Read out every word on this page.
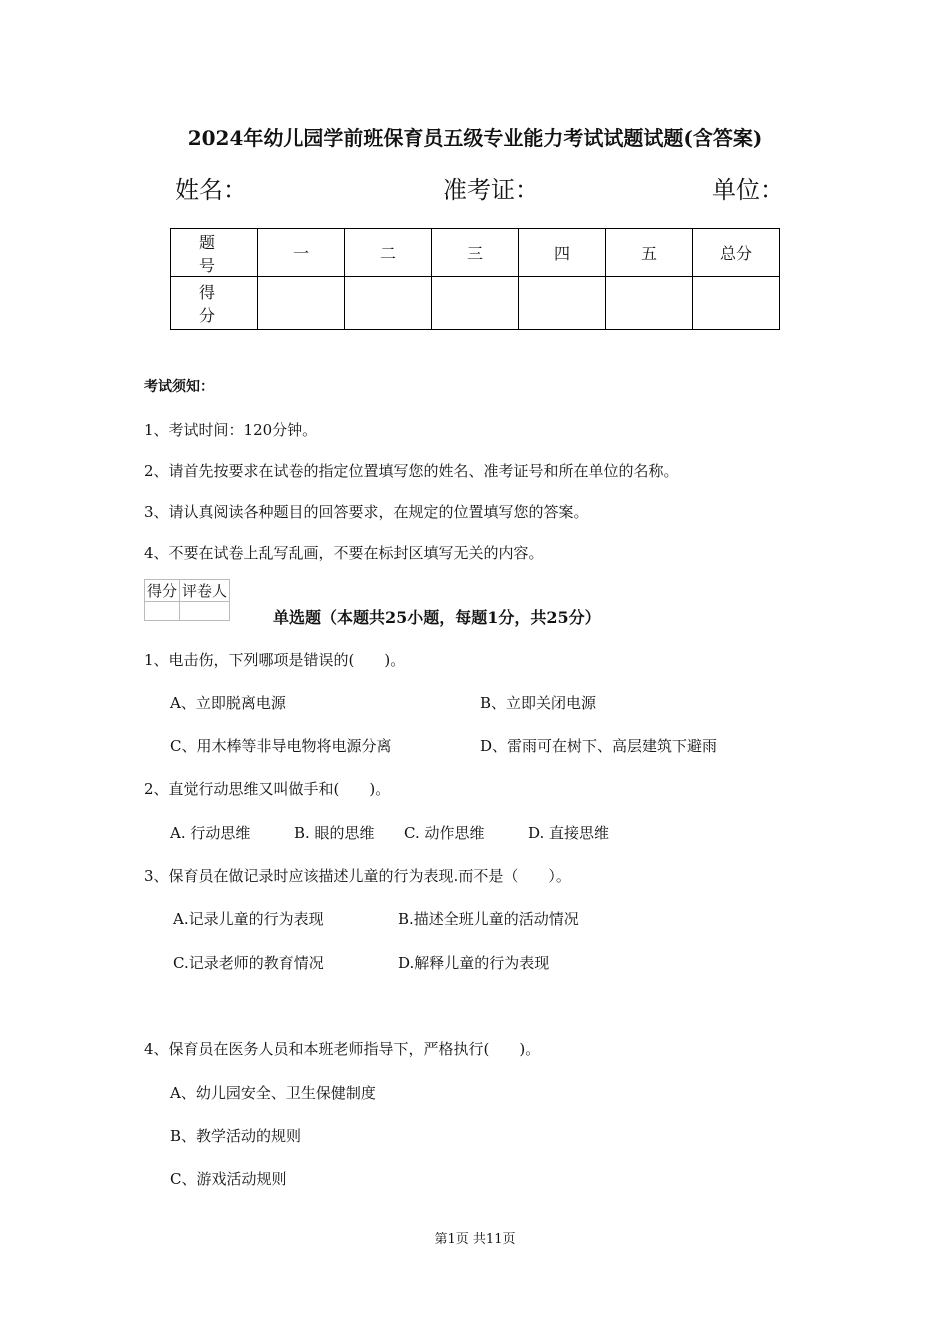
2024年幼儿园学前班保育员五级专业能力考试试题试题(含答案)
姓名：	准考证：	单位：
题　号	一	二	三	四	五	总分
得　分						
考试须知：
1、考试时间：120分钟。
2、请首先按要求在试卷的指定位置填写您的姓名、准考证号和所在单位的名称。
3、请认真阅读各种题目的回答要求，在规定的位置填写您的答案。
4、不要在试卷上乱写乱画，不要在标封区填写无关的内容。
得分	评卷人

单选题（本题共25小题，每题1分，共25分）
1、电击伤，下列哪项是错误的(　　)。
A、立即脱离电源	B、立即关闭电源
C、用木棒等非导电物将电源分离	D、雷雨可在树下、高层建筑下避雨
2、直觉行动思维又叫做手和(　　)。
A. 行动思维	B. 眼的思维 C. 动作思维	D. 直接思维
3、保育员在做记录时应该描述儿童的行为表现.而不是（　　）。
A.记录儿童的行为表现	B.描述全班儿童的活动情况
C.记录老师的教育情况	D.解释儿童的行为表现
4、保育员在医务人员和本班老师指导下，严格执行(　　)。
A、幼儿园安全、卫生保健制度
B、教学活动的规则
C、游戏活动规则
第1页 共11页
